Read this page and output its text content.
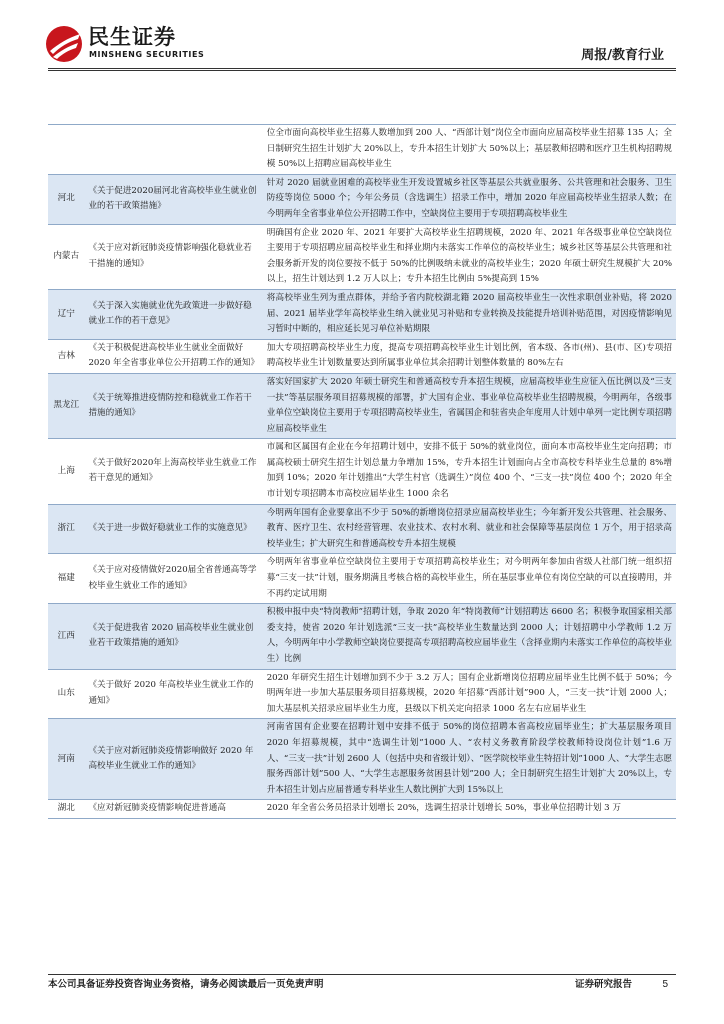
民生证券
MINSHENG SECURITIES	周报/教育行业
		位全市面向高校毕业生招募人数增加到 200 人、“西部计划”岗位全市面向应届高校毕业生招募 135 人；全日制研究生招生计划扩大 20%以上，专升本招生计划扩大 50%以上；基层教师招聘和医疗卫生机构招聘规模 50%以上招聘应届高校毕业生
河北	《关于促进2020届河北省高校毕业生就业创业的若干政策措施》	针对 2020 届就业困难的高校毕业生开发设置城乡社区等基层公共就业服务、公共管理和社会服务、卫生防疫等岗位 5000 个；今年公务员（含选调生）招录工作中，增加 2020 年应届高校毕业生招录人数；在今明两年全省事业单位公开招聘工作中，空缺岗位主要用于专项招聘高校毕业生
内蒙古	《关于应对新冠肺炎疫情影响强化稳就业若干措施的通知》	明确国有企业 2020 年、2021 年要扩大高校毕业生招聘规模，2020 年、2021 年各级事业单位空缺岗位主要用于专项招聘应届高校毕业生和择业期内未落实工作单位的高校毕业生；城乡社区等基层公共管理和社会服务新开发的岗位要按不低于 50%的比例吸纳未就业的高校毕业生；2020 年硕士研究生规模扩大 20%以上，招生计划达到 1.2 万人以上；专升本招生比例由 5%提高到 15%
辽宁	《关于深入实施就业优先政策进一步做好稳就业工作的若干意见》	将高校毕业生列为重点群体，并给予省内院校湖北籍 2020 届高校毕业生一次性求职创业补贴，将 2020 届、2021 届毕业学年高校毕业生纳入就业见习补贴和专业转换及技能提升培训补贴范围，对因疫情影响见习暂时中断的，相应延长见习单位补贴期限
吉林	《关于积极促进高校毕业生就业全面做好 2020 年全省事业单位公开招聘工作的通知》	加大专项招聘高校毕业生力度，提高专项招聘高校毕业生计划比例，省本级、各市(州)、县(市、区)专项招聘高校毕业生计划数量要达到所属事业单位其余招聘计划整体数量的 80%左右
黑龙江	《关于统筹推进疫情防控和稳就业工作若干措施的通知》	落实好国家扩大 2020 年硕士研究生和普通高校专升本招生规模，应届高校毕业生应征入伍比例以及“三支一扶”等基层服务项目招募规模的部署，扩大国有企业、事业单位高校毕业生招聘规模，今明两年，各级事业单位空缺岗位主要用于专项招聘高校毕业生，省属国企和驻省央企年度用人计划中单列一定比例专项招聘应届高校毕业生
上海	《关于做好2020年上海高校毕业生就业工作若干意见的通知》	市属和区属国有企业在今年招聘计划中，安排不低于 50%的就业岗位，面向本市高校毕业生定向招聘；市属高校硕士研究生招生计划总量力争增加 15%，专升本招生计划面向占全市高校专科毕业生总量的 8%增加到 10%；2020 年计划推出“大学生村官（选调生）”岗位 400 个、“三支一扶”岗位 400 个；2020 年全市计划专项招聘本市高校应届毕业生 1000 余名
浙江	《关于进一步做好稳就业工作的实施意见》	今明两年国有企业要拿出不少于 50%的新增岗位招录应届高校毕业生；今年新开发公共管理、社会服务、教育、医疗卫生、农村经营管理、农业技术、农村水利、就业和社会保障等基层岗位 1 万个，用于招录高校毕业生；扩大研究生和普通高校专升本招生规模
福建	《关于应对疫情做好2020届全省普通高等学校毕业生就业工作的通知》	今明两年省事业单位空缺岗位主要用于专项招聘高校毕业生；对今明两年参加由省级人社部门统一组织招募“三支一扶”计划，服务期满且考核合格的高校毕业生，所在基层事业单位有岗位空缺的可以直接聘用，并不再约定试用期
江西	《关于促进我省 2020 届高校毕业生就业创业若干政策措施的通知》	积极申报中央“特岗教师”招聘计划，争取 2020 年“特岗教师”计划招聘达 6600 名；积极争取国家相关部委支持，使省 2020 年计划选派“三支一扶”高校毕业生数量达到 2000 人；计划招聘中小学教师 1.2 万人，今明两年中小学教师空缺岗位要提高专项招聘高校应届毕业生（含择业期内未落实工作单位的高校毕业生）比例
山东	《关于做好 2020 年高校毕业生就业工作的通知》	2020 年研究生招生计划增加到不少于 3.2 万人；国有企业新增岗位招聘应届毕业生比例不低于 50%；今明两年进一步加大基层服务项目招募规模，2020 年招募“西部计划”900 人，“三支一扶”计划 2000 人；加大基层机关招录应届毕业生力度，县级以下机关定向招录 1000 名左右应届毕业生
河南	《关于应对新冠肺炎疫情影响做好 2020 年高校毕业生就业工作的通知》	河南省国有企业要在招聘计划中安排不低于 50%的岗位招聘本省高校应届毕业生；扩大基层服务项目 2020 年招募规模，其中“选调生计划”1000 人、“农村义务教育阶段学校教师特设岗位计划”1.6 万人、“三支一扶”计划 2600 人（包括中央和省级计划）、“医学院校毕业生特招计划”1000 人、“大学生志愿服务西部计划”500 人、“大学生志愿服务贫困县计划”200 人；全日制研究生招生计划扩大 20%以上，专升本招生计划占应届普通专科毕业生人数比例扩大到 15%以上
湖北	《应对新冠肺炎疫情影响促进普通高	2020 年全省公务员招录计划增长 20%，选调生招录计划增长 50%，事业单位招聘计划 3 万
本公司具备证券投资咨询业务资格，请务必阅读最后一页免责声明	证券研究报告	5
